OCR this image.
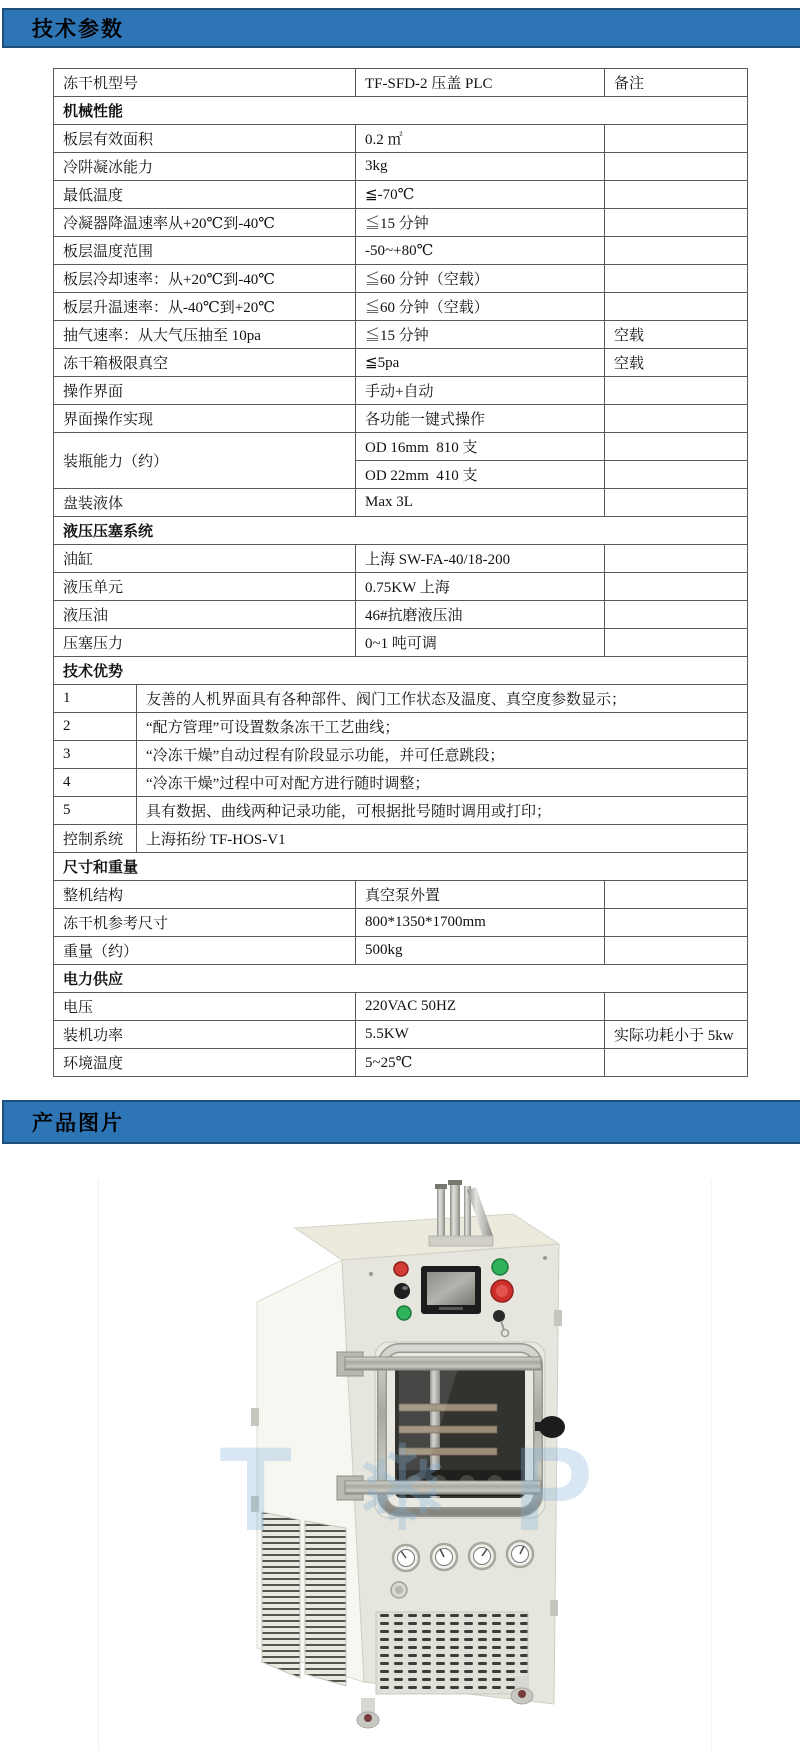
技术参数
冻干机型号		TF-SFD-2 压盖 PLC	备注
机械性能			
板层有效面积		0.2 ㎡	
冷阱凝冰能力		3kg	
最低温度		≦-70℃	
冷凝器降温速率从+20℃到-40℃		≦15 分钟	
板层温度范围		-50~+80℃	
板层冷却速率：从+20℃到-40℃		≦60 分钟（空载）	
板层升温速率：从-40℃到+20℃		≦60 分钟（空载）	
抽气速率：从大气压抽至 10pa		≦15 分钟	空载
冻干箱极限真空		≦5pa	空载
操作界面		手动+自动	
界面操作实现		各功能一键式操作	
装瓶能力（约）		OD 16mm  810 支	
		OD 22mm  410 支	
盘装液体		Max 3L	
液压压塞系统			
油缸		上海 SW-FA-40/18-200	
液压单元		0.75KW 上海	
液压油		46#抗磨液压油	
压塞压力		0~1 吨可调	
技术优势			
1	友善的人机界面具有各种部件、阀门工作状态及温度、真空度参数显示；		
2	“配方管理”可设置数条冻干工艺曲线；		
3	“冷冻干燥”自动过程有阶段显示功能，并可任意跳段；		
4	“冷冻干燥”过程中可对配方进行随时调整；		
5	具有数据、曲线两种记录功能，可根据批号随时调用或打印；		
控制系统	上海拓纷 TF-HOS-V1		
尺寸和重量			
整机结构		真空泵外置	
冻干机参考尺寸		800*1350*1700mm	
重量（约）		500kg	
电力供应			
电压		220VAC 50HZ	
装机功率		5.5KW	实际功耗小于 5kw
环境温度		5~25℃	
产品图片
T❄P
